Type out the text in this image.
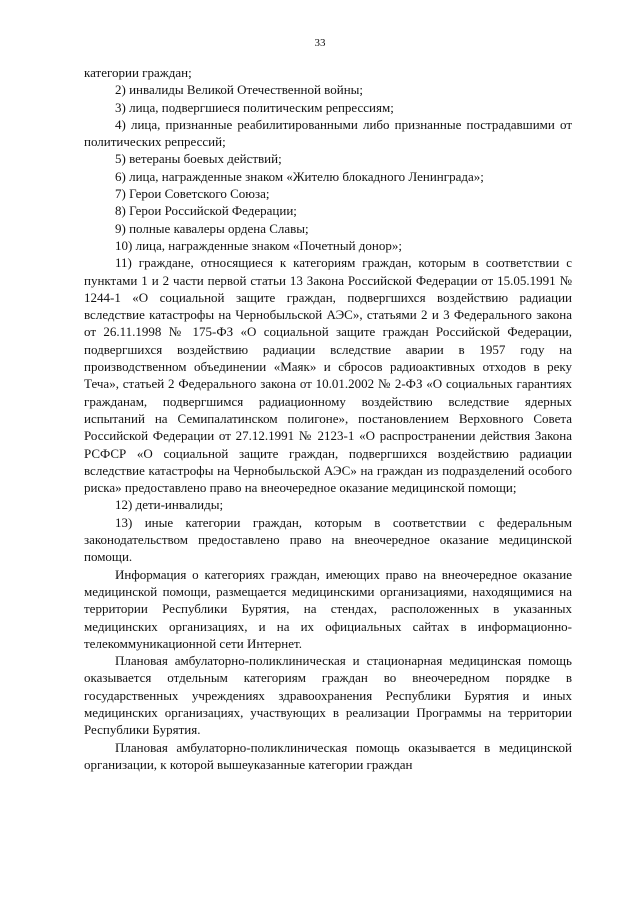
33

категории граждан;

2) инвалиды Великой Отечественной войны;

3) лица, подвергшиеся политическим репрессиям;

4) лица, признанные реабилитированными либо признанные пострадавшими от политических репрессий;

5) ветераны боевых действий;

6) лица, награжденные знаком «Жителю блокадного Ленинграда»;

7) Герои Советского Союза;

8) Герои Российской Федерации;

9) полные кавалеры ордена Славы;

10) лица, награжденные знаком «Почетный донор»;

11) граждане, относящиеся к категориям граждан, которым в соответствии с пунктами 1 и 2 части первой статьи 13 Закона Российской Федерации от 15.05.1991 № 1244-1 «О социальной защите граждан, подвергшихся воздействию радиации вследствие катастрофы на Чернобыльской АЭС», статьями 2 и 3 Федерального закона от 26.11.1998 № 175-ФЗ «О социальной защите граждан Российской Федерации, подвергшихся воздействию радиации вследствие аварии в 1957 году на производственном объединении «Маяк» и сбросов радиоактивных отходов в реку Теча», статьей 2 Федерального закона от 10.01.2002 № 2-ФЗ «О социальных гарантиях гражданам, подвергшимся радиационному воздействию вследствие ядерных испытаний на Семипалатинском полигоне», постановлением Верховного Совета Российской Федерации от 27.12.1991 № 2123-1 «О распространении действия Закона РСФСР «О социальной защите граждан, подвергшихся воздействию радиации вследствие катастрофы на Чернобыльской АЭС» на граждан из подразделений особого риска» предоставлено право на внеочередное оказание медицинской помощи;

12) дети-инвалиды;

13) иные категории граждан, которым в соответствии с федеральным законодательством предоставлено право на внеочередное оказание медицинской помощи.

Информация о категориях граждан, имеющих право на внеочередное оказание медицинской помощи, размещается медицинскими организациями, находящимися на территории Республики Бурятия, на стендах, расположенных в указанных медицинских организациях, и на их официальных сайтах в информационно-телекоммуникационной сети Интернет.

Плановая амбулаторно-поликлиническая и стационарная медицинская помощь оказывается отдельным категориям граждан во внеочередном порядке в государственных учреждениях здравоохранения Республики Бурятия и иных медицинских организациях, участвующих в реализации Программы на территории Республики Бурятия.

Плановая амбулаторно-поликлиническая помощь оказывается в медицинской организации, к которой вышеуказанные категории граждан
